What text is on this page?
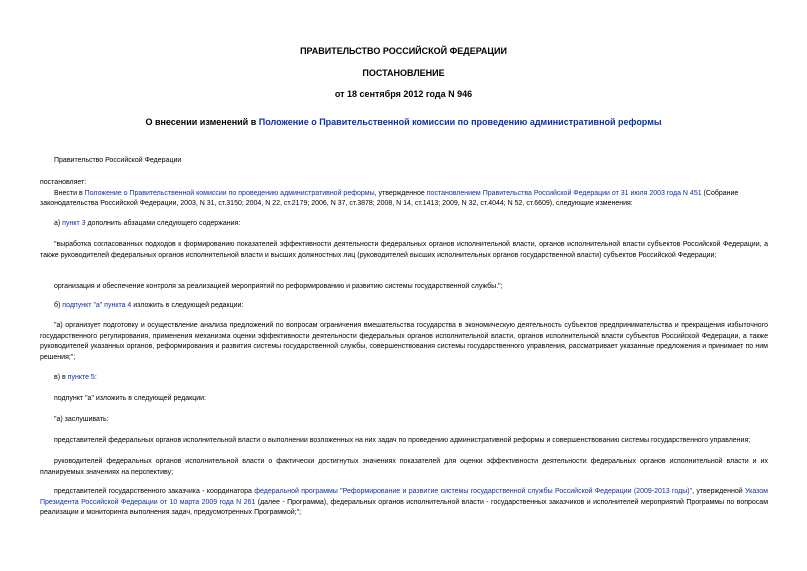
ПРАВИТЕЛЬСТВО РОССИЙСКОЙ ФЕДЕРАЦИИ
ПОСТАНОВЛЕНИЕ
от 18 сентября 2012 года N 946
О внесении изменений в Положение о Правительственной комиссии по проведению административной реформы
Правительство Российской Федерации
постановляет:
Внести в Положение о Правительственной комиссии по проведению административной реформы, утвержденное постановлением Правительства Российской Федерации от 31 июля 2003 года N 451 (Собрание законодательства Российской Федерации, 2003, N 31, ст.3150; 2004, N 22, ст.2179; 2006, N 37, ст.3878; 2008, N 14, ст.1413; 2009, N 32, ст.4044; N 52, ст.6609), следующие изменения:
а) пункт 3 дополнить абзацами следующего содержания:
"выработка согласованных подходов к формированию показателей эффективности деятельности федеральных органов исполнительной власти, органов исполнительной власти субъектов Российской Федерации, а также руководителей федеральных органов исполнительной власти и высших должностных лиц (руководителей высших исполнительных органов государственной власти) субъектов Российской Федерации;
организация и обеспечение контроля за реализацией мероприятий по реформированию и развитию системы государственной службы.";
б) подпункт "а" пункта 4 изложить в следующей редакции:
"а) организует подготовку и осуществление анализа предложений по вопросам ограничения вмешательства государства в экономическую деятельность субъектов предпринимательства и прекращения избыточного государственного регулирования, применения механизма оценки эффективности деятельности федеральных органов исполнительной власти, органов исполнительной власти субъектов Российской Федерации, а также руководителей указанных органов, реформирования и развития системы государственной службы, совершенствования системы государственного управления, рассматривает указанные предложения и принимает по ним решения;";
в) в пункте 5:
подпункт "а" изложить в следующей редакции:
"а) заслушивать:
представителей федеральных органов исполнительной власти о выполнении возложенных на них задач по проведению административной реформы и совершенствованию системы государственного управления;
руководителей федеральных органов исполнительной власти о фактически достигнутых значениях показателей для оценки эффективности деятельности федеральных органов исполнительной власти и их планируемых значениях на перспективу;
представителей государственного заказчика - координатора федеральной программы "Реформирование и развитие системы государственной службы Российской Федерации (2009-2013 годы)", утвержденной Указом Президента Российской Федерации от 10 марта 2009 года N 261 (далее - Программа), федеральных органов исполнительной власти - государственных заказчиков и исполнителей мероприятий Программы по вопросам реализации и мониторинга выполнения задач, предусмотренных Программой;";
